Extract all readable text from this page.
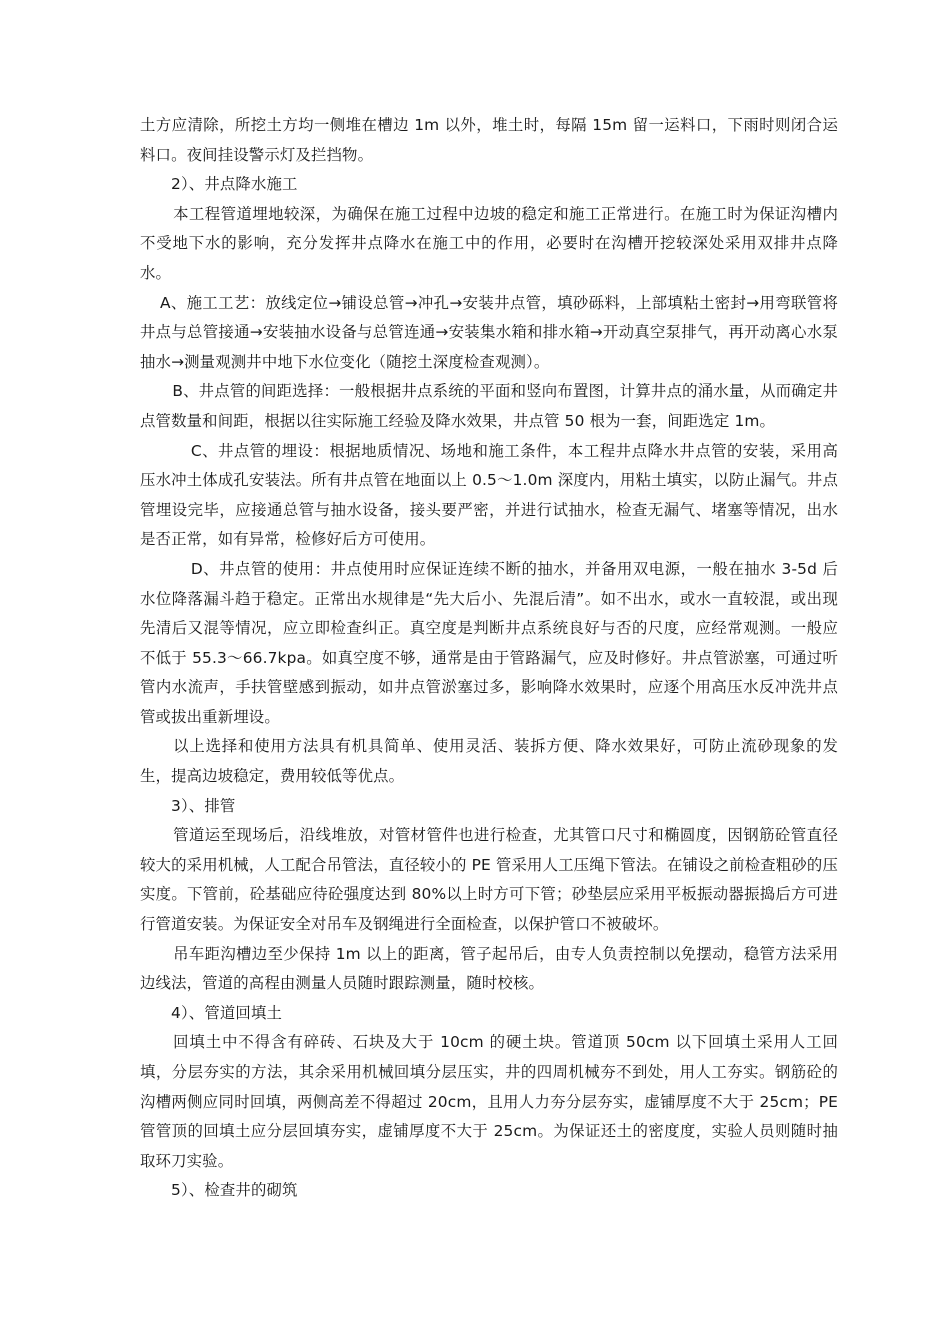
土方应清除，所挖土方均一侧堆在槽边 1m 以外，堆土时，每隔 15m 留一运料口，下雨时则闭合运料口。夜间挂设警示灯及拦挡物。

2）、井点降水施工

本工程管道埋地较深，为确保在施工过程中边坡的稳定和施工正常进行。在施工时为保证沟槽内不受地下水的影响，充分发挥井点降水在施工中的作用，必要时在沟槽开挖较深处采用双排井点降水。

A、施工工艺：放线定位→铺设总管→冲孔→安装井点管，填砂砾料，上部填粘土密封→用弯联管将井点与总管接通→安装抽水设备与总管连通→安装集水箱和排水箱→开动真空泵排气，再开动离心水泵抽水→测量观测井中地下水位变化（随挖土深度检查观测）。

B、井点管的间距选择：一般根据井点系统的平面和竖向布置图，计算井点的涌水量，从而确定井点管数量和间距，根据以往实际施工经验及降水效果，井点管 50 根为一套，间距选定 1m。

C、井点管的埋设：根据地质情况、场地和施工条件，本工程井点降水井点管的安装，采用高压水冲土体成孔安装法。所有井点管在地面以上 0.5～1.0m 深度内，用粘土填实，以防止漏气。井点管埋设完毕，应接通总管与抽水设备，接头要严密，并进行试抽水，检查无漏气、堵塞等情况，出水是否正常，如有异常，检修好后方可使用。

D、井点管的使用：井点使用时应保证连续不断的抽水，并备用双电源，一般在抽水 3-5d 后水位降落漏斗趋于稳定。正常出水规律是“先大后小、先混后清”。如不出水，或水一直较混，或出现先清后又混等情况，应立即检查纠正。真空度是判断井点系统良好与否的尺度，应经常观测。一般应不低于 55.3～66.7kpa。如真空度不够，通常是由于管路漏气，应及时修好。井点管淤塞，可通过听管内水流声，手扶管壁感到振动，如井点管淤塞过多，影响降水效果时，应逐个用高压水反冲洗井点管或拔出重新埋设。

以上选择和使用方法具有机具简单、使用灵活、装拆方便、降水效果好，可防止流砂现象的发生，提高边坡稳定，费用较低等优点。

3）、排管

管道运至现场后，沿线堆放，对管材管件也进行检查，尤其管口尺寸和椭圆度，因钢筋砼管直径较大的采用机械，人工配合吊管法，直径较小的 PE 管采用人工压绳下管法。在铺设之前检查粗砂的压实度。下管前，砼基础应待砼强度达到 80%以上时方可下管；砂垫层应采用平板振动器振捣后方可进行管道安装。为保证安全对吊车及钢绳进行全面检查，以保护管口不被破坏。

吊车距沟槽边至少保持 1m 以上的距离，管子起吊后，由专人负责控制以免摆动，稳管方法采用边线法，管道的高程由测量人员随时跟踪测量，随时校核。

4）、管道回填土

回填土中不得含有碎砖、石块及大于 10cm 的硬土块。管道顶 50cm 以下回填土采用人工回填，分层夯实的方法，其余采用机械回填分层压实，井的四周机械夯不到处，用人工夯实。钢筋砼的沟槽两侧应同时回填，两侧高差不得超过 20cm，且用人力夯分层夯实，虚铺厚度不大于 25cm；PE 管管顶的回填土应分层回填夯实，虚铺厚度不大于 25cm。为保证还土的密度度，实验人员则随时抽取环刀实验。

5）、检查井的砌筑
